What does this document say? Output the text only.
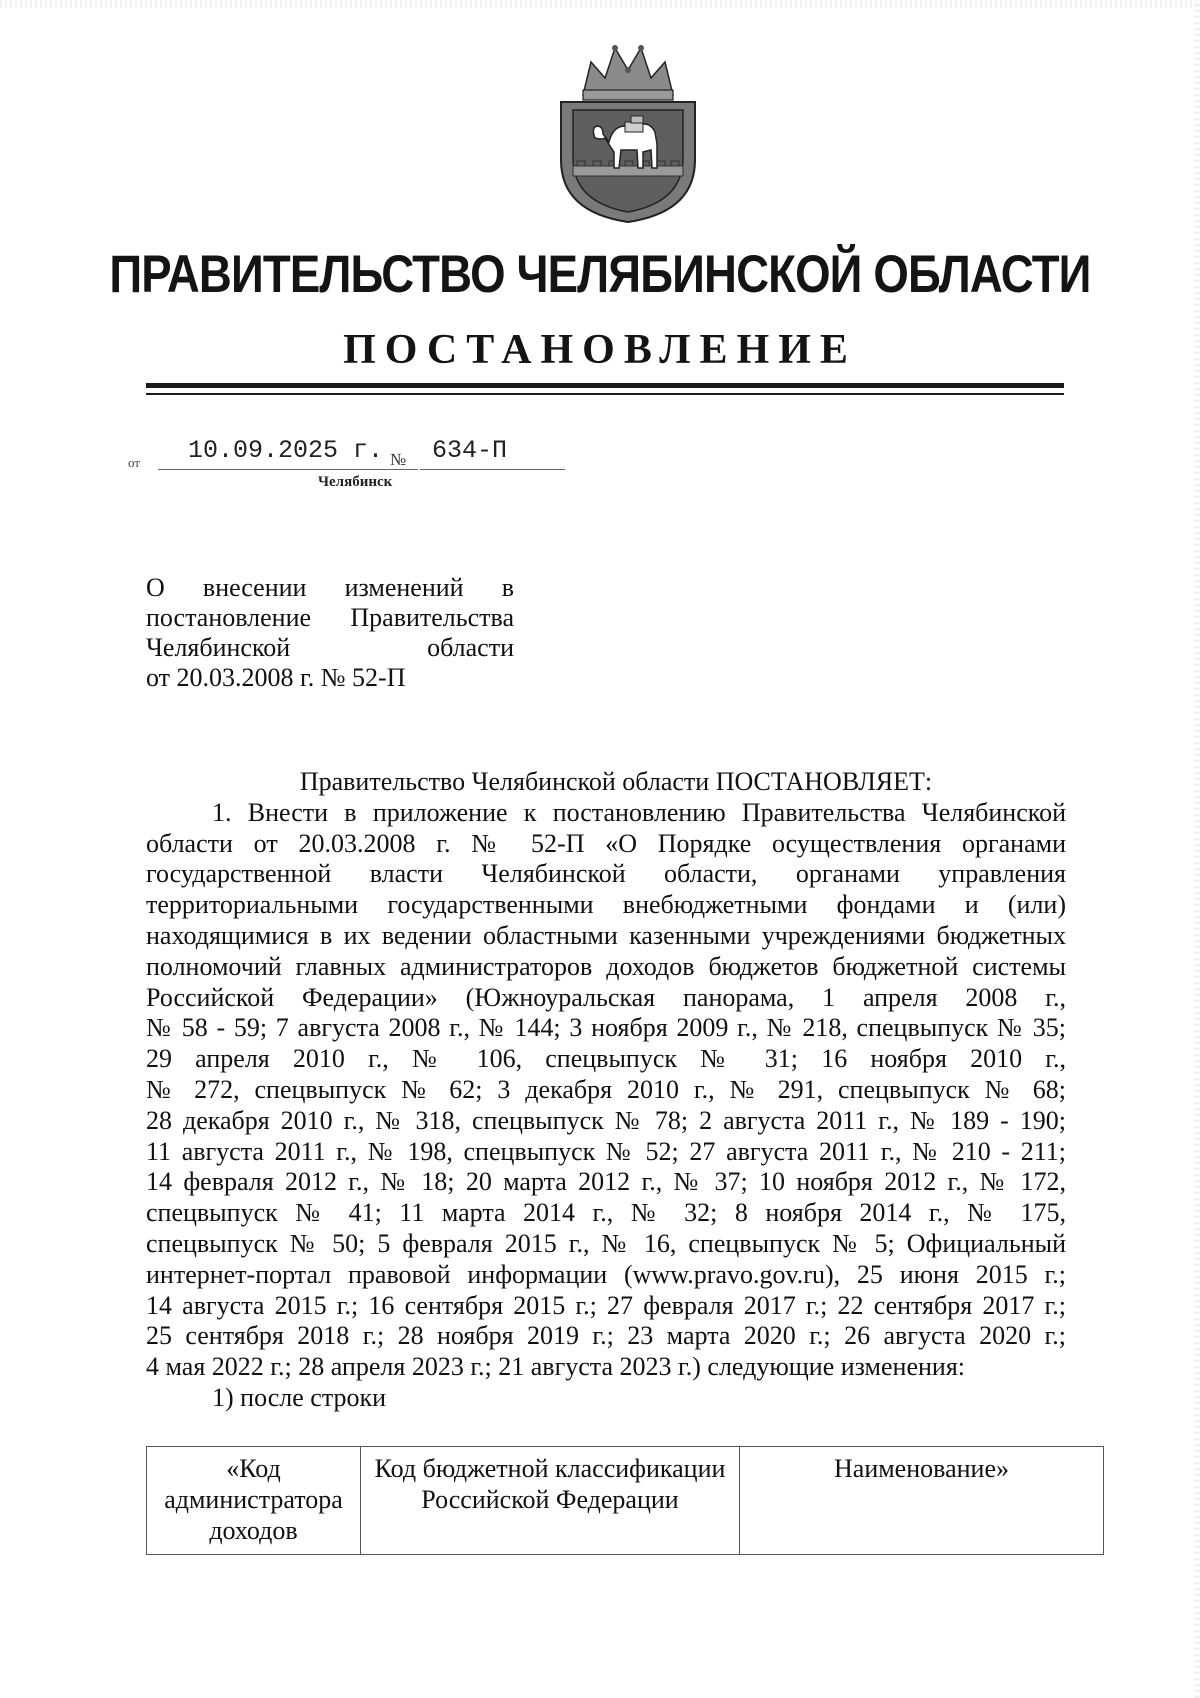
ПРАВИТЕЛЬСТВО ЧЕЛЯБИНСКОЙ ОБЛАСТИ
ПОСТАНОВЛЕНИЕ
от 10.09.2025 г. № 634-П
Челябинск
О внесении изменений в
постановление Правительства
Челябинской области
от 20.03.2008 г. № 52-П
Правительство Челябинской области ПОСТАНОВЛЯЕТ:
1. Внести в приложение к постановлению Правительства Челябинской
области от 20.03.2008 г. № 52-П «О Порядке осуществления органами
государственной власти Челябинской области, органами управления
территориальными государственными внебюджетными фондами и (или)
находящимися в их ведении областными казенными учреждениями бюджетных
полномочий главных администраторов доходов бюджетов бюджетной системы
Российской Федерации» (Южноуральская панорама, 1 апреля 2008 г.,
№ 58 - 59; 7 августа 2008 г., № 144; 3 ноября 2009 г., № 218, спецвыпуск № 35;
29 апреля 2010 г., № 106, спецвыпуск № 31; 16 ноября 2010 г.,
№ 272, спецвыпуск № 62; 3 декабря 2010 г., № 291, спецвыпуск № 68;
28 декабря 2010 г., № 318, спецвыпуск № 78; 2 августа 2011 г., № 189 - 190;
11 августа 2011 г., № 198, спецвыпуск № 52; 27 августа 2011 г., № 210 - 211;
14 февраля 2012 г., № 18; 20 марта 2012 г., № 37; 10 ноября 2012 г., № 172,
спецвыпуск № 41; 11 марта 2014 г., № 32; 8 ноября 2014 г., № 175,
спецвыпуск № 50; 5 февраля 2015 г., № 16, спецвыпуск № 5; Официальный
интернет-портал правовой информации (www.pravo.gov.ru), 25 июня 2015 г.;
14 августа 2015 г.; 16 сентября 2015 г.; 27 февраля 2017 г.; 22 сентября 2017 г.;
25 сентября 2018 г.; 28 ноября 2019 г.; 23 марта 2020 г.; 26 августа 2020 г.;
4 мая 2022 г.; 28 апреля 2023 г.; 21 августа 2023 г.) следующие изменения:
1) после строки
«Код администратора доходов	Код бюджетной классификации Российской Федерации	Наименование»
